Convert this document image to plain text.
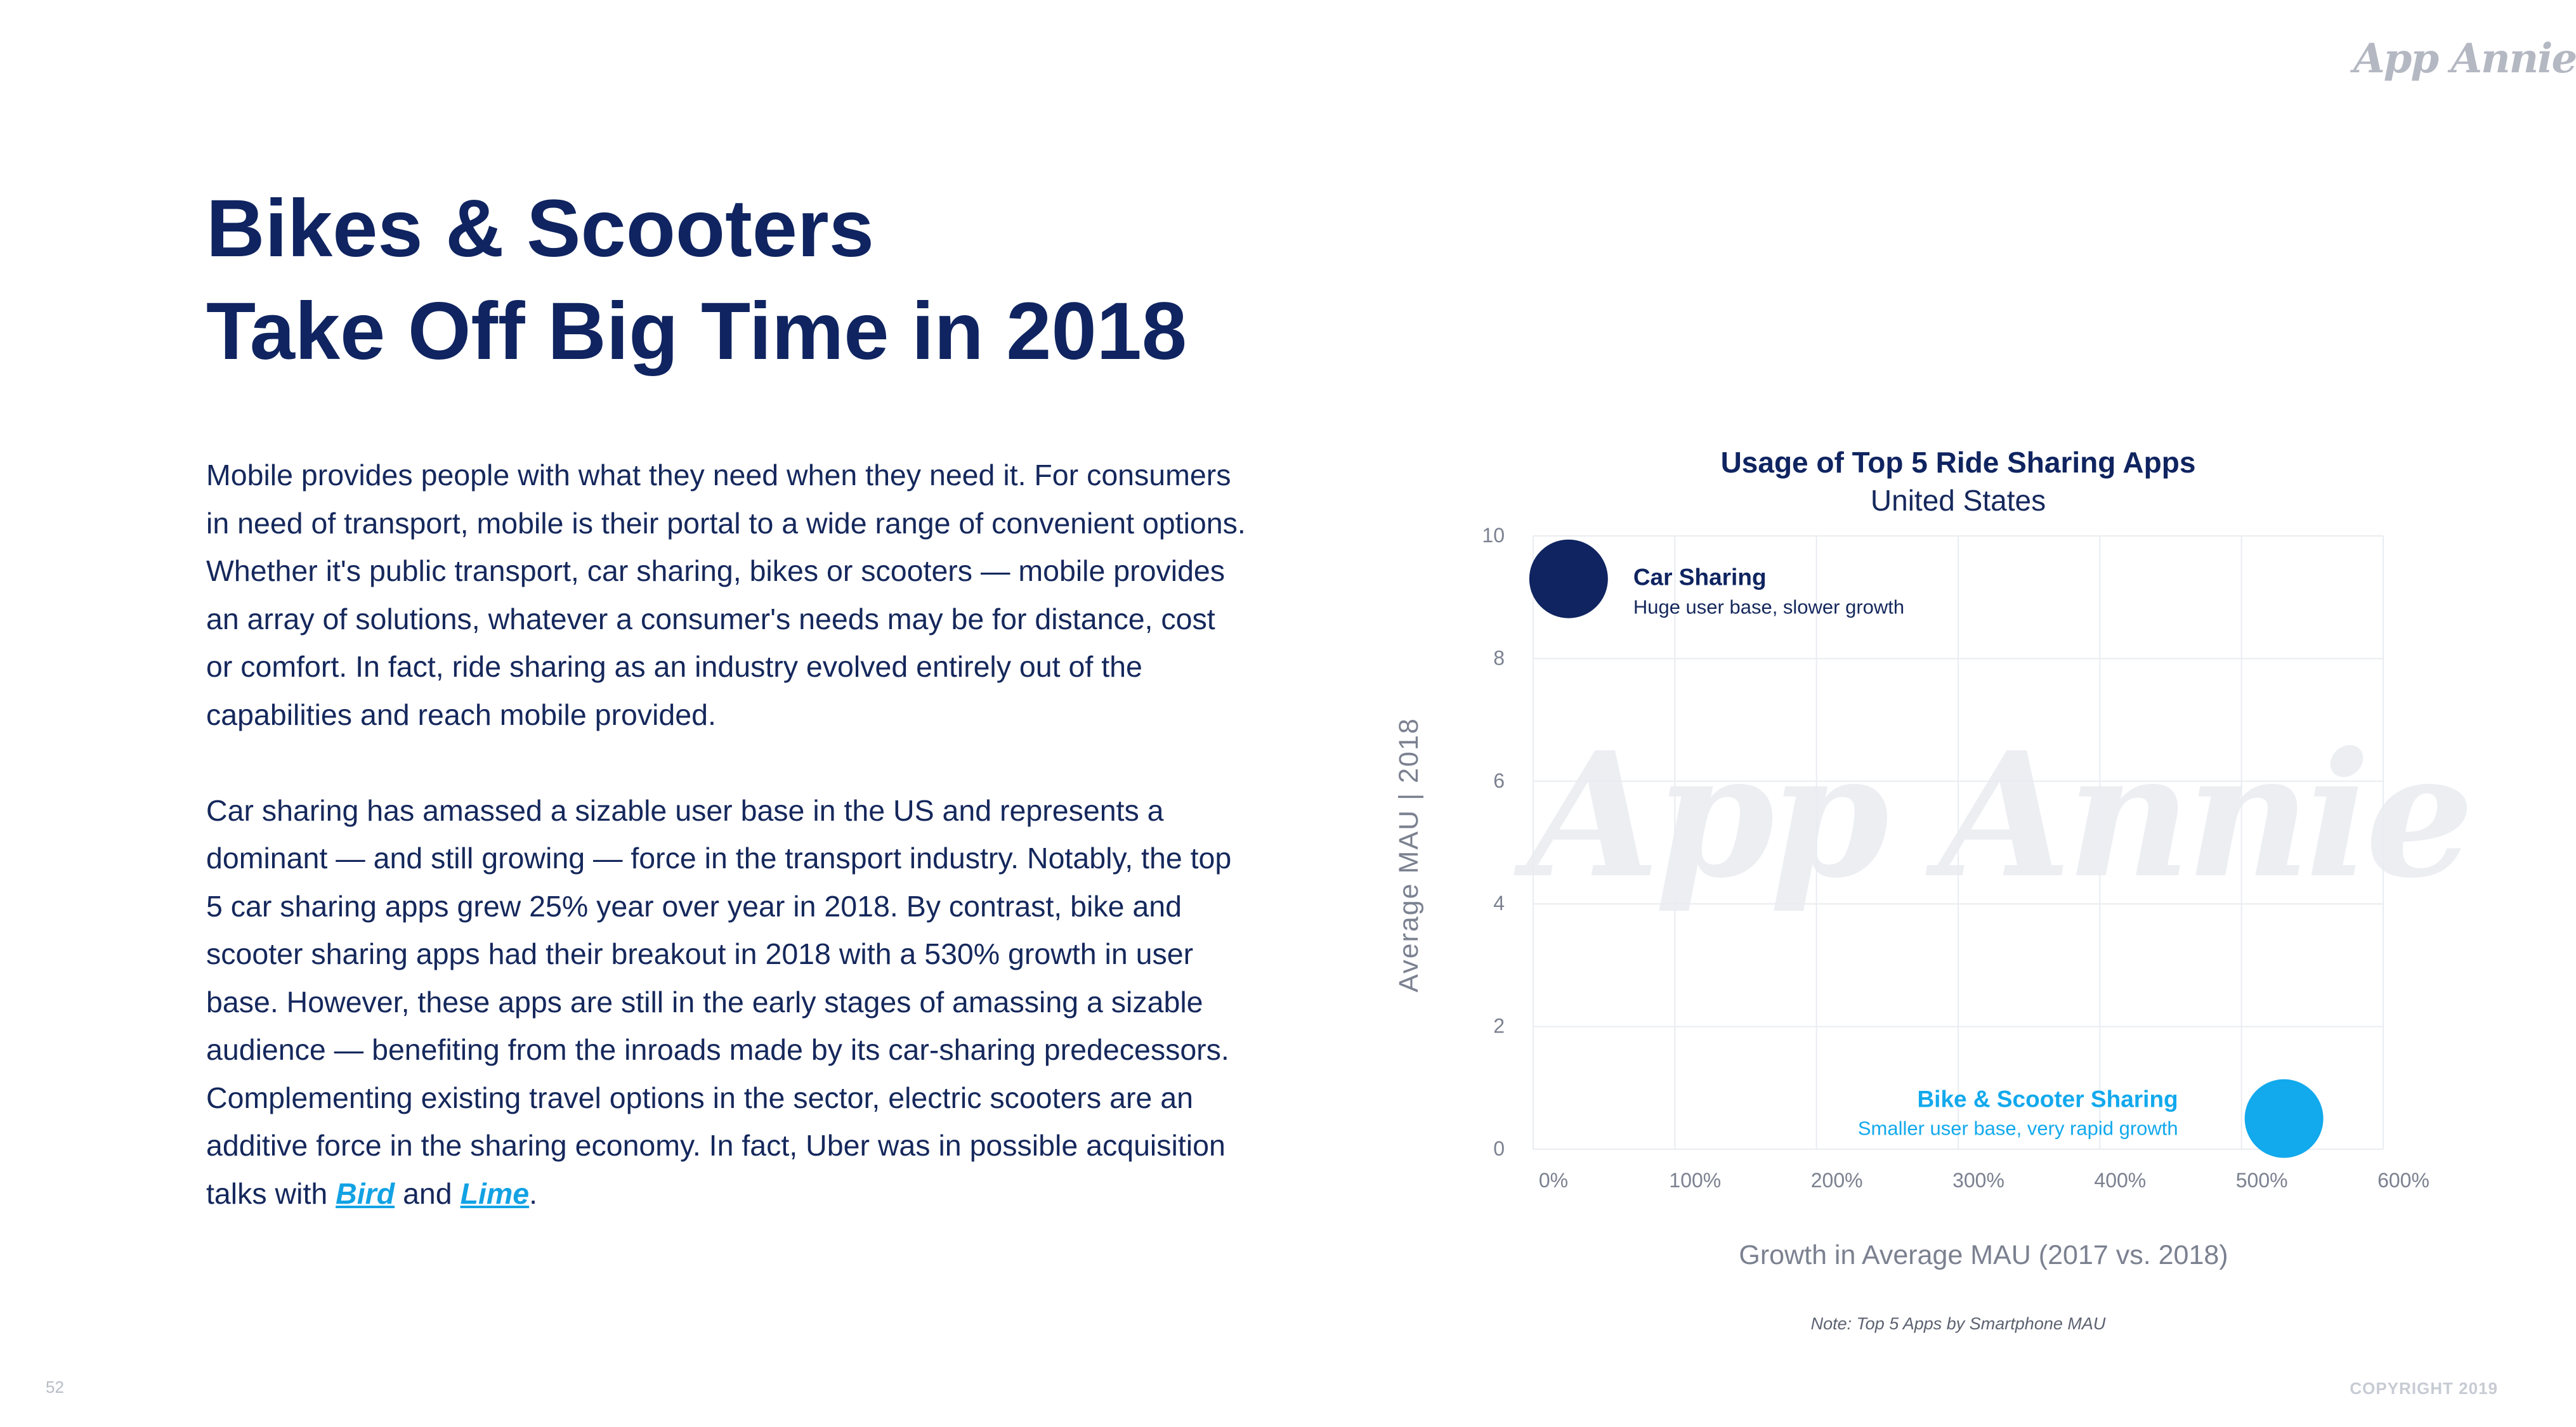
App Annie
Bikes & Scooters
Take Off Big Time in 2018

Mobile provides people with what they need when they need it. For consumers in need of transport, mobile is their portal to a wide range of convenient options. Whether it's public transport, car sharing, bikes or scooters — mobile provides an array of solutions, whatever a consumer's needs may be for distance, cost or comfort. In fact, ride sharing as an industry evolved entirely out of the capabilities and reach mobile provided.

Car sharing has amassed a sizable user base in the US and represents a dominant — and still growing — force in the transport industry. Notably, the top 5 car sharing apps grew 25% year over year in 2018. By contrast, bike and scooter sharing apps had their breakout in 2018 with a 530% growth in user base. However, these apps are still in the early stages of amassing a sizable audience — benefiting from the inroads made by its car-sharing predecessors. Complementing existing travel options in the sector, electric scooters are an additive force in the sharing economy. In fact, Uber was in possible acquisition talks with Bird and Lime.

Usage of Top 5 Ride Sharing Apps
United States
App Annie
0%	100%	200%	300%	400%	500%	600%
0
2
4
6
8
10
Growth in Average MAU (2017 vs. 2018)
Average MAU | 2018
Car Sharing
Huge user base, slower growth
Bike & Scooter Sharing
Smaller user base, very rapid growth
Note: Top 5 Apps by Smartphone MAU
52	COPYRIGHT 2019
